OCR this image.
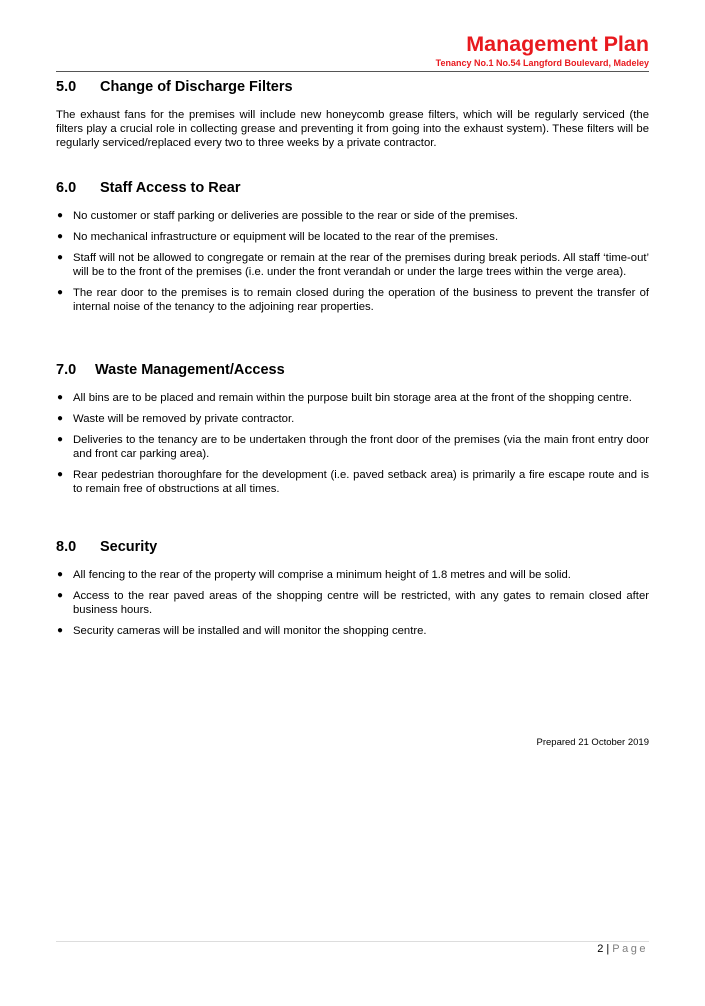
Management Plan
Tenancy No.1 No.54 Langford Boulevard, Madeley
5.0 Change of Discharge Filters

The exhaust fans for the premises will include new honeycomb grease filters, which will be regularly serviced (the filters play a crucial role in collecting grease and preventing it from going into the exhaust system). These filters will be regularly serviced/replaced every two to three weeks by a private contractor.

6.0 Staff Access to Rear
● No customer or staff parking or deliveries are possible to the rear or side of the premises.
● No mechanical infrastructure or equipment will be located to the rear of the premises.
● Staff will not be allowed to congregate or remain at the rear of the premises during break periods. All staff ‘time-out’ will be to the front of the premises (i.e. under the front verandah or under the large trees within the verge area).
● The rear door to the premises is to remain closed during the operation of the business to prevent the transfer of internal noise of the tenancy to the adjoining rear properties.
7.0 Waste Management/Access
● All bins are to be placed and remain within the purpose built bin storage area at the front of the shopping centre.
● Waste will be removed by private contractor.
● Deliveries to the tenancy are to be undertaken through the front door of the premises (via the main front entry door and front car parking area).
● Rear pedestrian thoroughfare for the development (i.e. paved setback area) is primarily a fire escape route and is to remain free of obstructions at all times.
8.0 Security
● All fencing to the rear of the property will comprise a minimum height of 1.8 metres and will be solid.
● Access to the rear paved areas of the shopping centre will be restricted, with any gates to remain closed after business hours.
● Security cameras will be installed and will monitor the shopping centre.
Prepared 21 October 2019
2 | Page
